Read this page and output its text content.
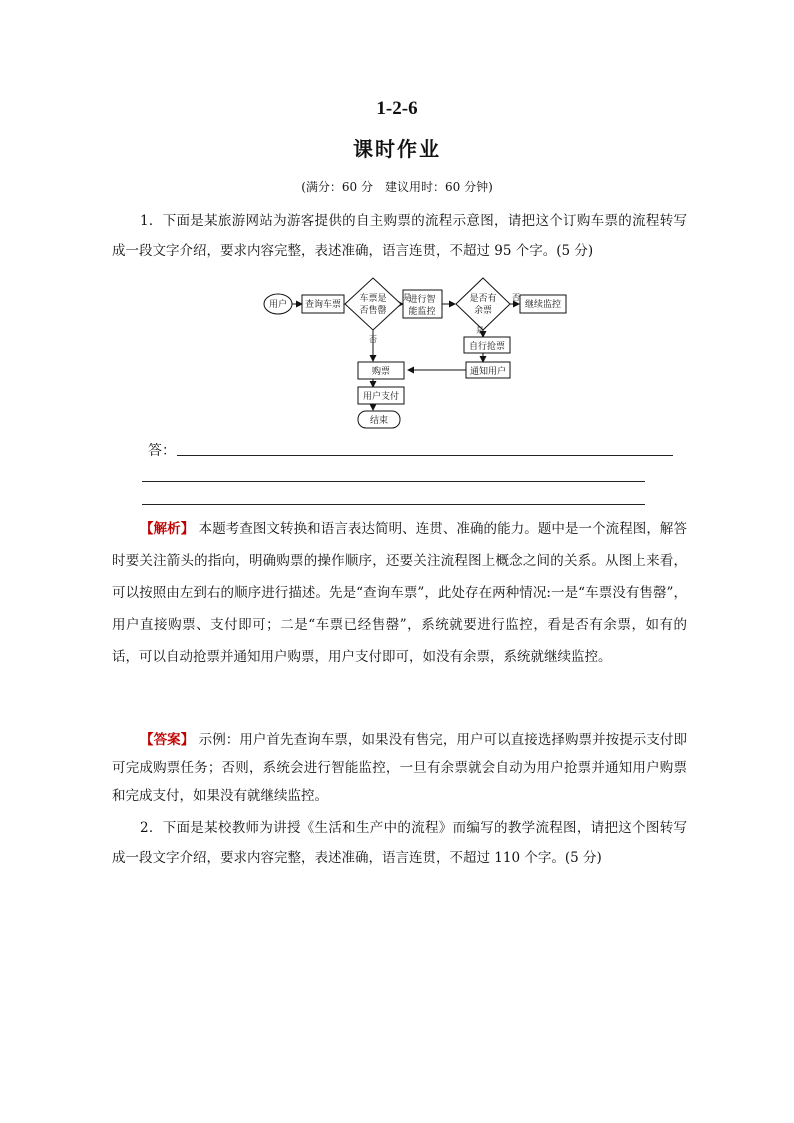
1-2-6
课时作业
(满分：60 分　建议用时：60 分钟)
1．下面是某旅游网站为游客提供的自主购票的流程示意图，请把这个订购车票的流程转写成一段文字介绍，要求内容完整，表述准确，语言连贯，不超过 95 个字。(5 分)
用户 查询车票
车票是
否售罄
进行智
能监控
是否有
余票
继续监控
自行抢票
通知用户
购票
用户支付
结束
是	否
是
否
答：
【解析】 本题考查图文转换和语言表达简明、连贯、准确的能力。题中是一个流程图，解答时要关注箭头的指向，明确购票的操作顺序，还要关注流程图上概念之间的关系。从图上来看，可以按照由左到右的顺序进行描述。先是“查询车票”，此处存在两种情况:一是“车票没有售罄”，用户直接购票、支付即可；二是“车票已经售罄”，系统就要进行监控，看是否有余票，如有的话，可以自动抢票并通知用户购票，用户支付即可，如没有余票，系统就继续监控。
【答案】 示例：用户首先查询车票，如果没有售完，用户可以直接选择购票并按提示支付即可完成购票任务；否则，系统会进行智能监控，一旦有余票就会自动为用户抢票并通知用户购票和完成支付，如果没有就继续监控。
2．下面是某校教师为讲授《生活和生产中的流程》而编写的教学流程图，请把这个图转写成一段文字介绍，要求内容完整，表述准确，语言连贯，不超过 110 个字。(5 分)
